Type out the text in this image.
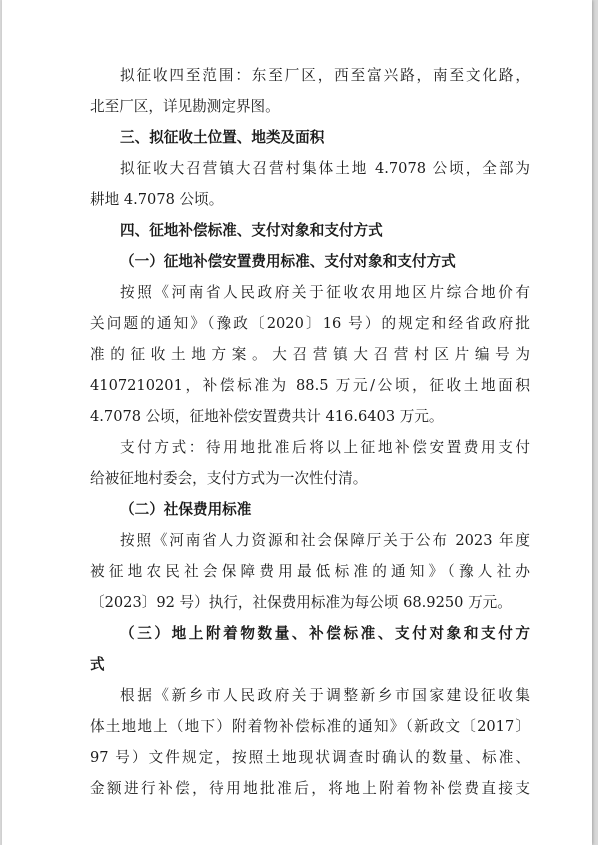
拟征收四至范围：东至厂区，西至富兴路，南至文化路，
北至厂区，详见勘测定界图。
三、拟征收土位置、地类及面积
拟征收大召营镇大召营村集体土地 4.7078 公顷，全部为
耕地 4.7078 公顷。
四、征地补偿标准、支付对象和支付方式
（一）征地补偿安置费用标准、支付对象和支付方式
按照《河南省人民政府关于征收农用地区片综合地价有
关问题的通知》（豫政〔2020〕16 号）的规定和经省政府批
准的征收土地方案。大召营镇大召营村区片编号为
4107210201，补偿标准为 88.5 万元/公顷，征收土地面积
4.7078 公顷，征地补偿安置费共计 416.6403 万元。
支付方式：待用地批准后将以上征地补偿安置费用支付
给被征地村委会，支付方式为一次性付清。
（二）社保费用标准
按照《河南省人力资源和社会保障厅关于公布 2023 年度
被征地农民社会保障费用最低标准的通知》（豫人社办
〔2023〕92 号）执行，社保费用标准为每公顷 68.9250 万元。
（三）地上附着物数量、补偿标准、支付对象和支付方
式
根据《新乡市人民政府关于调整新乡市国家建设征收集
体土地地上（地下）附着物补偿标准的通知》（新政文〔2017〕
97 号）文件规定，按照土地现状调查时确认的数量、标准、
金额进行补偿，待用地批准后，将地上附着物补偿费直接支
